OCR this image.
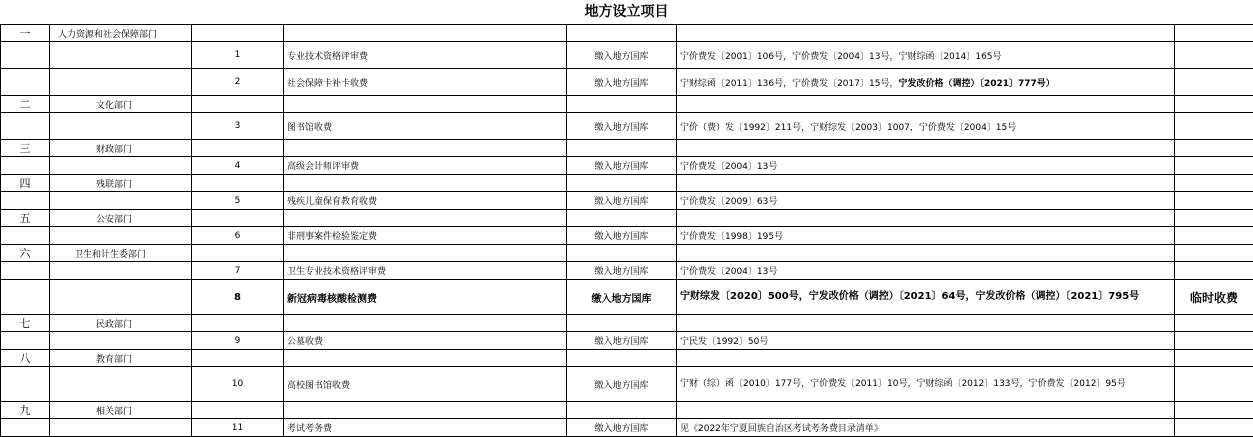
地方设立项目
一	人力资源和社会保障部门					
		1	专业技术资格评审费	缴入地方国库	宁价费发〔2001〕106号，宁价费发〔2004〕13号，宁财综函〔2014〕165号	
		2	社会保障卡补卡收费	缴入地方国库	宁财综函〔2011〕136号，宁价费发〔2017〕15号，宁发改价格（调控）〔2021〕777号）	
二	文化部门					
		3	图书馆收费	缴入地方国库	宁价（费）发〔1992〕211号，宁财综发〔2003〕1007，宁价费发〔2004〕15号	
三	财政部门					
		4	高级会计师评审费	缴入地方国库	宁价费发〔2004〕13号	
四	残联部门					
		5	残疾儿童保育教育收费	缴入地方国库	宁价费发〔2009〕63号	
五	公安部门					
		6	非刑事案件检验鉴定费	缴入地方国库	宁价费发〔1998〕195号	
六	卫生和计生委部门					
		7	卫生专业技术资格评审费	缴入地方国库	宁价费发〔2004〕13号	
		8	新冠病毒核酸检测费	缴入地方国库	宁财综发〔2020〕500号，宁发改价格（调控）〔2021〕64号，宁发改价格（调控）〔2021〕795号	临时收费
七	民政部门					
		9	公墓收费	缴入地方国库	宁民发〔1992〕50号	
八	教育部门					
		10	高校图书馆收费	缴入地方国库	宁财（综）函〔2010〕177号，宁价费发〔2011〕10号，宁财综函〔2012〕133号，宁价费发〔2012〕95号	
九	相关部门					
		11	考试考务费	缴入地方国库	见《2022年宁夏回族自治区考试考务费目录清单》	
